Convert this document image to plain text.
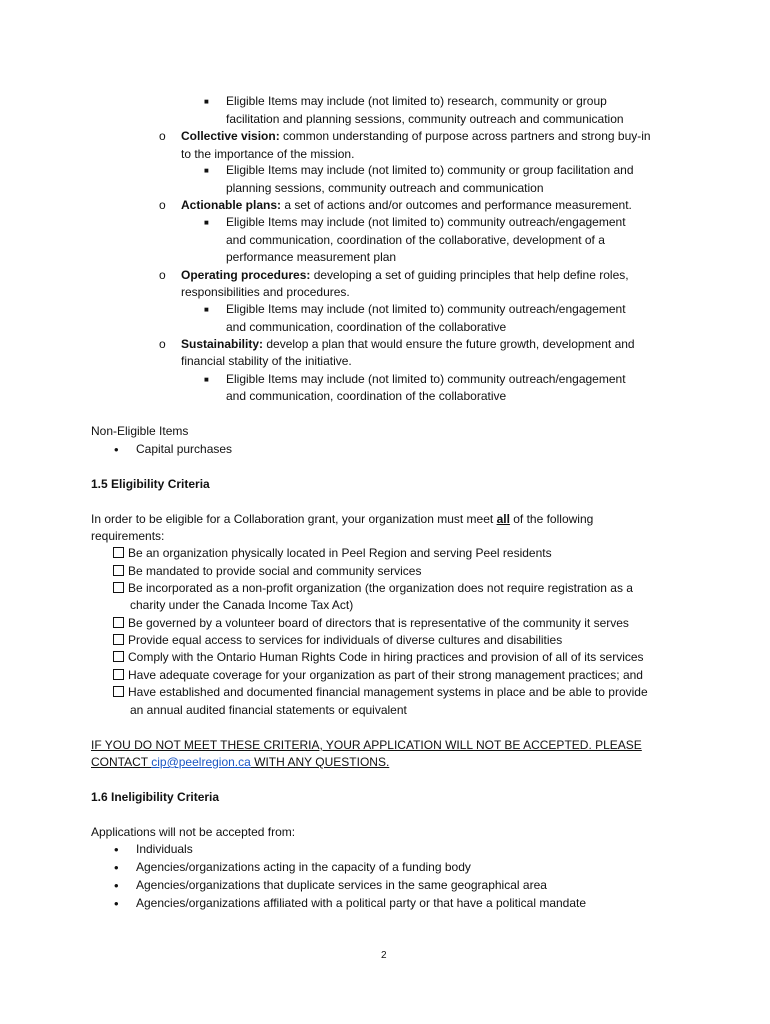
■ Eligible Items may include (not limited to) research, community or group
facilitation and planning sessions, community outreach and communication
o Collective vision: common understanding of purpose across partners and strong buy-in
to the importance of the mission.
■ Eligible Items may include (not limited to) community or group facilitation and
planning sessions, community outreach and communication
o Actionable plans: a set of actions and/or outcomes and performance measurement.
■ Eligible Items may include (not limited to) community outreach/engagement
and communication, coordination of the collaborative, development of a
performance measurement plan
o Operating procedures: developing a set of guiding principles that help define roles,
responsibilities and procedures.
■ Eligible Items may include (not limited to) community outreach/engagement
and communication, coordination of the collaborative
o Sustainability: develop a plan that would ensure the future growth, development and
financial stability of the initiative.
■ Eligible Items may include (not limited to) community outreach/engagement
and communication, coordination of the collaborative
Non-Eligible Items
• Capital purchases
1.5 Eligibility Criteria
In order to be eligible for a Collaboration grant, your organization must meet all of the following
requirements:
Be an organization physically located in Peel Region and serving Peel residents
Be mandated to provide social and community services
Be incorporated as a non-profit organization (the organization does not require registration as a
charity under the Canada Income Tax Act)
Be governed by a volunteer board of directors that is representative of the community it serves
Provide equal access to services for individuals of diverse cultures and disabilities
Comply with the Ontario Human Rights Code in hiring practices and provision of all of its services
Have adequate coverage for your organization as part of their strong management practices; and
Have established and documented financial management systems in place and be able to provide
an annual audited financial statements or equivalent
IF YOU DO NOT MEET THESE CRITERIA, YOUR APPLICATION WILL NOT BE ACCEPTED. PLEASE
CONTACT cip@peelregion.ca WITH ANY QUESTIONS.
1.6 Ineligibility Criteria
Applications will not be accepted from:
• Individuals
• Agencies/organizations acting in the capacity of a funding body
• Agencies/organizations that duplicate services in the same geographical area
• Agencies/organizations affiliated with a political party or that have a political mandate
2
